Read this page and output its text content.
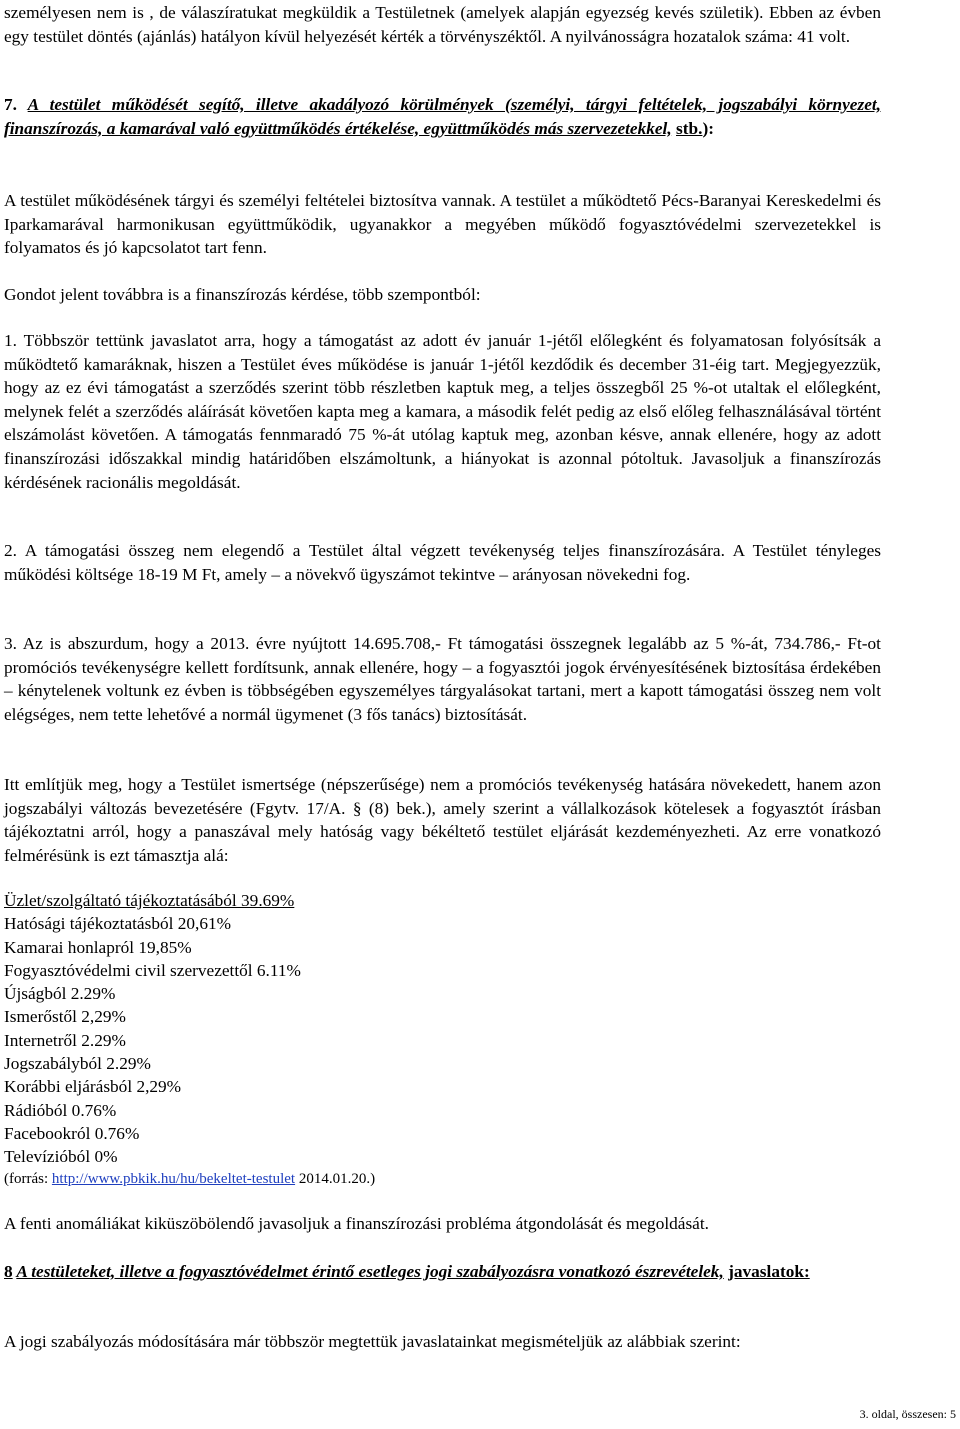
személyesen nem is , de válaszíratukat megküldik a Testületnek (amelyek alapján egyezség kevés születik). Ebben az évben egy testület döntés (ajánlás) hatályon kívül helyezését kérték a törvényszéktől. A nyilvánosságra hozatalok száma: 41 volt.

7. A testület működését segítő, illetve akadályozó körülmények (személyi, tárgyi feltételek, jogszabályi környezet, finanszírozás, a kamarával való együttműködés értékelése, együttműködés más szervezetekkel, stb.):

A testület működésének tárgyi és személyi feltételei biztosítva vannak. A testület a működtető Pécs-Baranyai Kereskedelmi és Iparkamarával harmonikusan együttműködik, ugyanakkor a megyében működő fogyasztóvédelmi szervezetekkel is folyamatos és jó kapcsolatot tart fenn.

Gondot jelent továbbra is a finanszírozás kérdése, több szempontból:

1. Többször tettünk javaslatot arra, hogy a támogatást az adott év január 1-jétől előlegként és folyamatosan folyósítsák a működtető kamaráknak, hiszen a Testület éves működése is január 1-jétől kezdődik és december 31-éig tart. Megjegyezzük, hogy az ez évi támogatást a szerződés szerint több részletben kaptuk meg, a teljes összegből 25 %-ot utaltak el előlegként, melynek felét a szerződés aláírását követően kapta meg a kamara, a második felét pedig az első előleg felhasználásával történt elszámolást követően. A támogatás fennmaradó 75 %-át utólag kaptuk meg, azonban késve, annak ellenére, hogy az adott finanszírozási időszakkal mindig határidőben elszámoltunk, a hiányokat is azonnal pótoltuk. Javasoljuk a finanszírozás kérdésének racionális megoldását.

2. A támogatási összeg nem elegendő a Testület által végzett tevékenység teljes finanszírozására. A Testület tényleges működési költsége 18-19 M Ft, amely – a növekvő ügyszámot tekintve – arányosan növekedni fog.

3. Az is abszurdum, hogy a 2013. évre nyújtott 14.695.708,- Ft támogatási összegnek legalább az 5 %-át, 734.786,- Ft-ot promóciós tevékenységre kellett fordítsunk, annak ellenére, hogy – a fogyasztói jogok érvényesítésének biztosítása érdekében – kénytelenek voltunk ez évben is többségében egyszemélyes tárgyalásokat tartani, mert a kapott támogatási összeg nem volt elégséges, nem tette lehetővé a normál ügymenet (3 fős tanács) biztosítását.

Itt említjük meg, hogy a Testület ismertsége (népszerűsége) nem a promóciós tevékenység hatására növekedett, hanem azon jogszabályi változás bevezetésére (Fgytv. 17/A. § (8) bek.), amely szerint a vállalkozások kötelesek a fogyasztót írásban tájékoztatni arról, hogy a panaszával mely hatóság vagy békéltető testület eljárását kezdeményezheti. Az erre vonatkozó felmérésünk is ezt támasztja alá:

Üzlet/szolgáltató tájékoztatásából 39.69%
Hatósági tájékoztatásból 20,61%
Kamarai honlapról 19,85%
Fogyasztóvédelmi civil szervezettől 6.11%
Újságból 2.29%
Ismerőstől 2,29%
Internetről 2.29%
Jogszabályból 2.29%
Korábbi eljárásból 2,29%
Rádióból 0.76%
Facebookról 0.76%
Televízióból 0%
(forrás: http://www.pbkik.hu/hu/bekeltet-testulet 2014.01.20.)

A fenti anomáliákat kiküszöbölendő javasoljuk a finanszírozási probléma átgondolását és megoldását.

8 A testületeket, illetve a fogyasztóvédelmet érintő esetleges jogi szabályozásra vonatkozó észrevételek, javaslatok:

A jogi szabályozás módosítására már többször megtettük javaslatainkat megismételjük az alábbiak szerint:

3. oldal, összesen: 5
